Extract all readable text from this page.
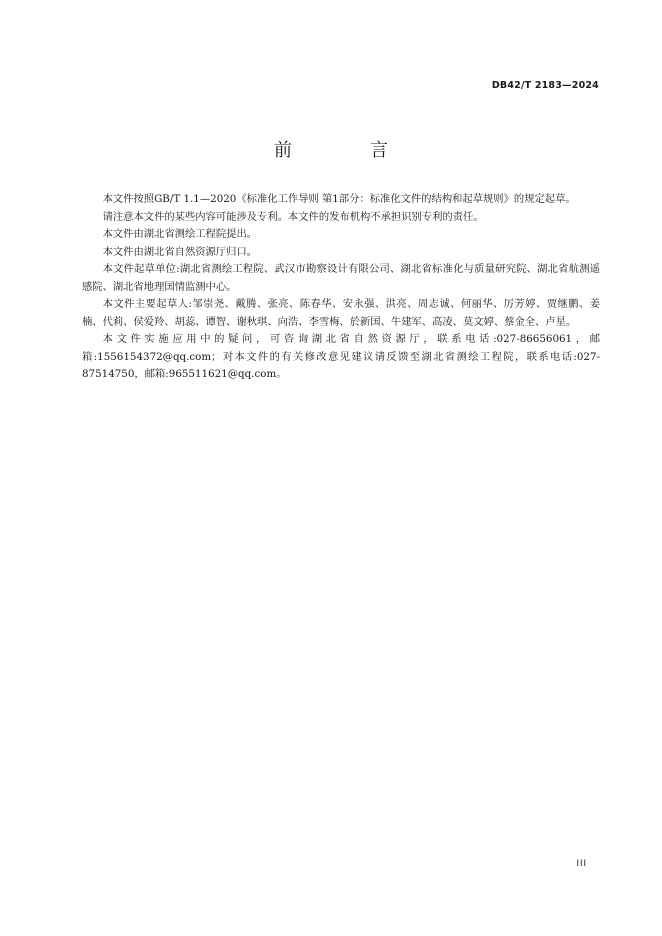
DB42/T 2183—2024
前　言

本文件按照GB/T 1.1—2020《标准化工作导则 第1部分：标准化文件的结构和起草规则》的规定起草。

请注意本文件的某些内容可能涉及专利。本文件的发布机构不承担识别专利的责任。

本文件由湖北省测绘工程院提出。

本文件由湖北省自然资源厅归口。

本文件起草单位:湖北省测绘工程院、武汉市勘察设计有限公司、湖北省标准化与质量研究院、湖北省航测遥感院、湖北省地理国情监测中心。

本文件主要起草人:邹崇尧、戴腾、张亮、陈春华、安永强、洪亮、周志诚、何丽华、厉芳婷、贾继鹏、姜楠、代莉、侯爱羚、胡蕊、谭智、谢秋琪、向浩、李雪梅、於新国、牛建军、高凌、莫文婷、蔡金全、卢星。

本文件实施应用中的疑问，可咨询湖北省自然资源厅，联系电话:027-86656061，邮箱:1556154372@qq.com；对本文件的有关修改意见建议请反馈至湖北省测绘工程院，联系电话:027-87514750，邮箱:965511621@qq.com。

III
